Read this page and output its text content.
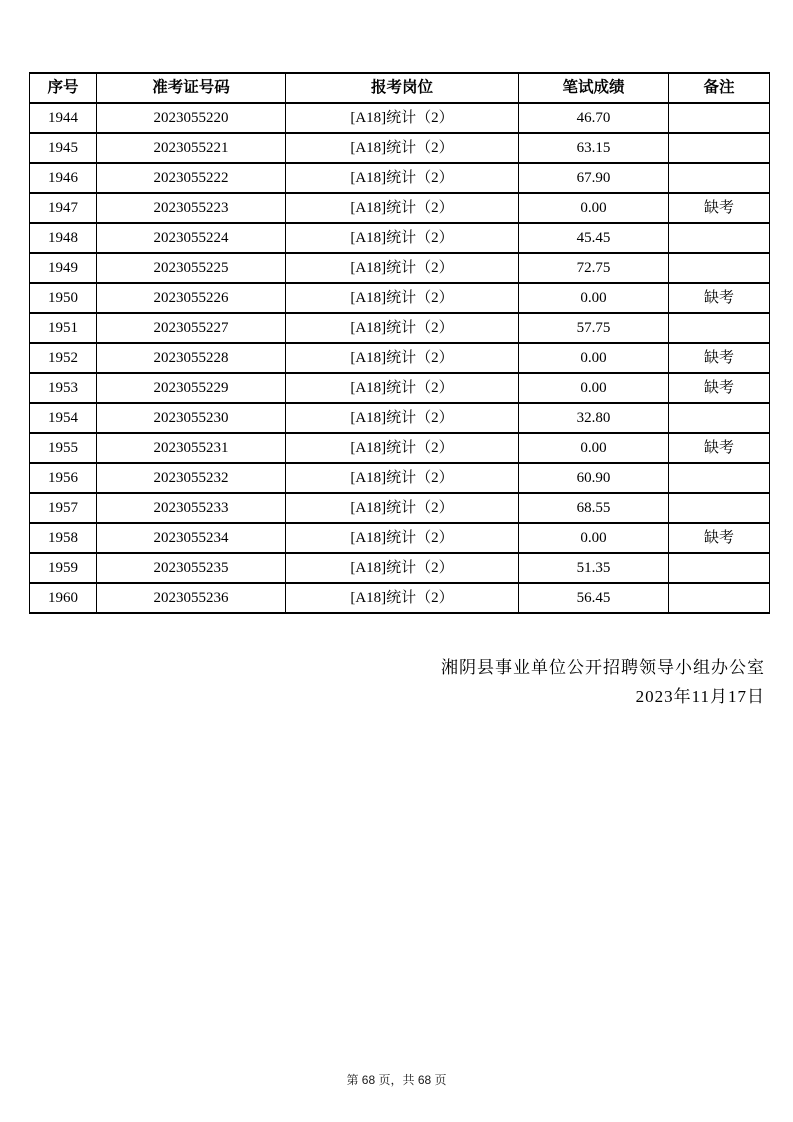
序号	准考证号码	报考岗位	笔试成绩	备注
1944	2023055220	[A18]统计（2）	46.70	
1945	2023055221	[A18]统计（2）	63.15	
1946	2023055222	[A18]统计（2）	67.90	
1947	2023055223	[A18]统计（2）	0.00	缺考
1948	2023055224	[A18]统计（2）	45.45	
1949	2023055225	[A18]统计（2）	72.75	
1950	2023055226	[A18]统计（2）	0.00	缺考
1951	2023055227	[A18]统计（2）	57.75	
1952	2023055228	[A18]统计（2）	0.00	缺考
1953	2023055229	[A18]统计（2）	0.00	缺考
1954	2023055230	[A18]统计（2）	32.80	
1955	2023055231	[A18]统计（2）	0.00	缺考
1956	2023055232	[A18]统计（2）	60.90	
1957	2023055233	[A18]统计（2）	68.55	
1958	2023055234	[A18]统计（2）	0.00	缺考
1959	2023055235	[A18]统计（2）	51.35	
1960	2023055236	[A18]统计（2）	56.45	
湘阴县事业单位公开招聘领导小组办公室
2023年11月17日
第 68 页，共 68 页
